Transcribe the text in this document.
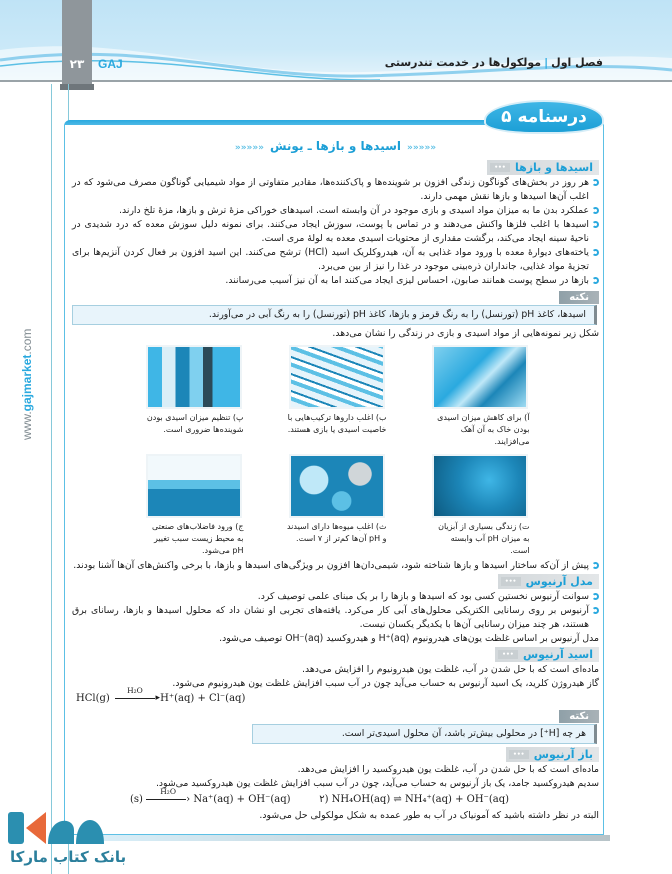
۲۳	GAJ	فصل اول|مولکول‌ها در خدمت تندرستی
www.gajmarket.com
درسنامه ۵
«««««اسیدها و بازها ـ یونش«««««
••• اسیدها و بازها

هر روز در بخش‌های گوناگون زندگی افزون بر شوینده‌ها و پاک‌کننده‌ها، مقادیر متفاوتی از مواد شیمیایی گوناگون مصرف می‌شود که در اغلب آن‌ها اسیدها و بازها نقش مهمی دارند.

عملکرد بدن ما به میزان مواد اسیدی و بازی موجود در آن وابسته است. اسیدهای خوراکی مزهٔ ترش و بازها، مزهٔ تلخ دارند.

اسیدها با اغلب فلزها واکنش می‌دهند و در تماس با پوست، سوزش ایجاد می‌کنند. برای نمونه دلیل سوزش معده که درد شدیدی در ناحیهٔ سینه ایجاد می‌کند، برگشت مقداری از محتویات اسیدی معده به لولهٔ مری است.

یاخته‌های دیوارهٔ معده با ورود مواد غذایی به آن، هیدروکلریک اسید (HCl) ترشح می‌کنند. این اسید افزون بر فعال کردن آنزیم‌ها برای تجزیهٔ مواد غذایی، جانداران ذره‌بینی موجود در غذا را نیز از بین می‌برد.

بازها در سطح پوست همانند صابون، احساس لیزی ایجاد می‌کنند اما به آن نیز آسیب می‌رسانند.

نکته
اسیدها، کاغذ pH (تورنسل) را به رنگ قرمز و بازها، کاغذ pH (تورنسل) را به رنگ آبی در می‌آورند.

شکل زیر نمونه‌هایی از مواد اسیدی و بازی در زندگی را نشان می‌دهد.

آ) برای کاهش میزان اسیدی بودن خاک به آن آهک می‌افزایند.
ب) اغلب داروها ترکیب‌هایی با خاصیت اسیدی یا بازی هستند.
پ) تنظیم میزان اسیدی بودن شوینده‌ها ضروری است.
ت) زندگی بسیاری از آبزیان به میزان pH آب وابسته است.
ث) اغلب میوه‌ها دارای اسیدند و pH آن‌ها کم‌تر از ۷ است.
ج) ورود فاضلاب‌های صنعتی به محیط زیست سبب تغییر pH می‌شود.

پیش از آن‌که ساختار اسیدها و بازها شناخته شود، شیمی‌دان‌ها افزون بر ویژگی‌های اسیدها و بازها، با برخی واکنش‌های آن‌ها آشنا بودند.

••• مدل آرنیوس

سوانت آرنیوس نخستین کسی بود که اسیدها و بازها را بر یک مبنای علمی توصیف کرد.

آرنیوس بر روی رسانایی الکتریکی محلول‌های آبی کار می‌کرد. یافته‌های تجربی او نشان داد که محلول اسیدها و بازها، رسانای برق هستند، هر چند میزان رسانایی آن‌ها با یکدیگر یکسان نیست.

مدل آرنیوس بر اساس غلظت یون‌های هیدرونیوم H⁺(aq) و هیدروکسید OH⁻(aq) توصیف می‌شود.

••• اسید آرنیوس

ماده‌ای است که با حل شدن در آب، غلظت یون هیدرونیوم را افزایش می‌دهد.

گاز هیدروژن کلرید، یک اسید آرنیوس به حساب می‌آید چون در آب سبب افزایش غلظت یون هیدرونیوم می‌شود.

HCl(g)
H₂O
▸ H⁺(aq) + Cl⁻(aq)
نکته
هر چه [H⁺] در محلولی بیش‌تر باشد، آن محلول اسیدی‌تر است.
••• باز آرنیوس

ماده‌ای است که با حل شدن در آب، غلظت یون هیدروکسید را افزایش می‌دهد.

سدیم هیدروکسید جامد، یک باز آرنیوس به حساب می‌آید، چون در آب سبب افزایش غلظت یون هیدروکسید می‌شود.

(s)
H₂O
› Na⁺(aq) + OH⁻(aq)	۲) NH₄OH(aq) ⇌ NH₄⁺(aq) + OH⁻(aq)

البته در نظر داشته باشید که آمونیاک در آب به طور عمده به شکل مولکولی حل می‌شود.

بانک کتاب مارکا
